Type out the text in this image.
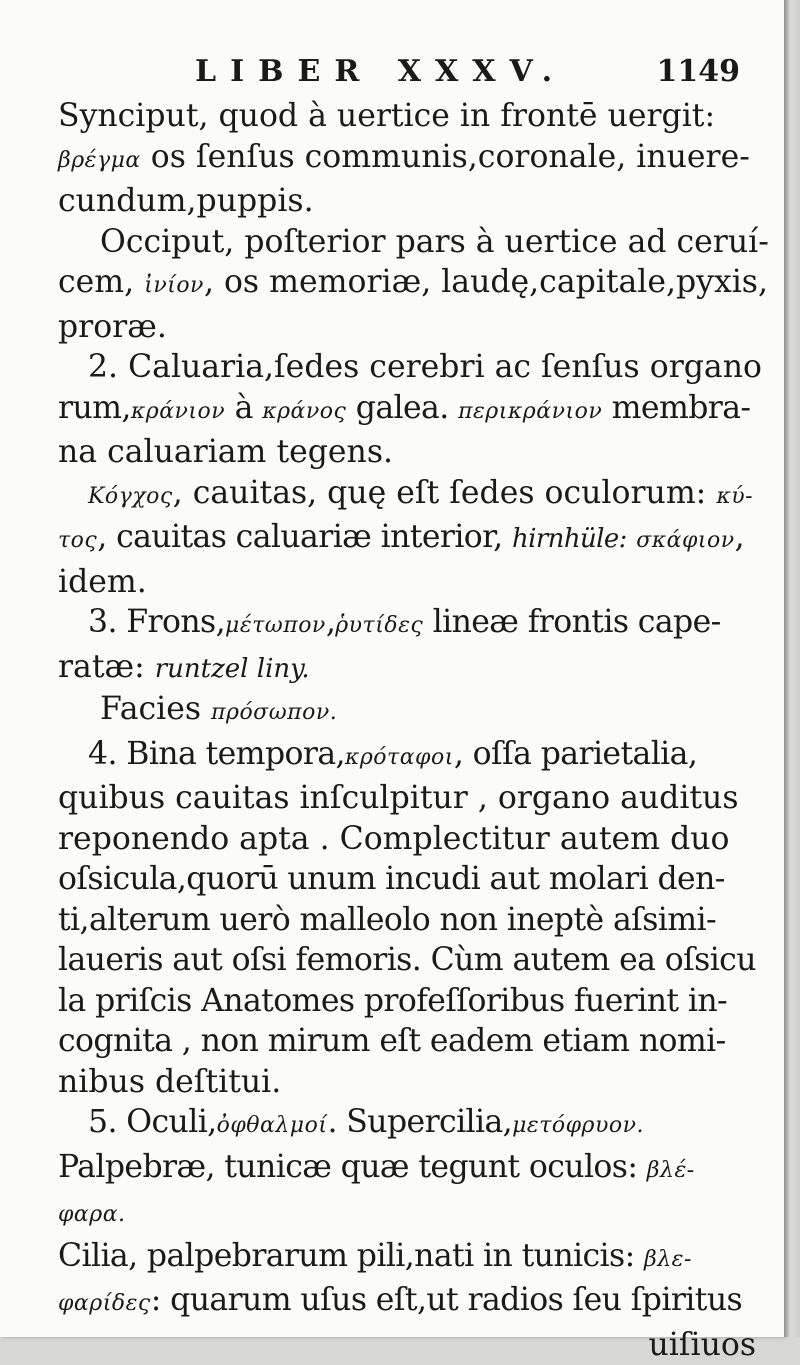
LIBER XXXV.	1149
Syncipu​t, quod à uertice in frontē uergit:
βρέγμα os ſenſus communis,coronale, inuere-
cundum,puppis.
Occiput, poſterior pars à uertice ad ceruí-
cem, ἰνίον, os memoriæ, laudę,capitale,pyxis,
proræ.
2. Caluaria,ſedes cerebri ac ſenſus organo
rum,κράνιον à κράνος galea. περικράνιον membra-
na caluariam tegens.
Κόγχος, cauitas, quę eſt ſedes oculorum: κύ-
τος, cauitas caluariæ interior, hirnhüle: σκάφιον,
idem.
3. Frons,μέτωπον,ῥυτίδες lineæ frontis cape-
ratæ: runtzel liny.
Facies πρόσωπον.
4. Bina tempora,κρόταφοι, oſſa parietalia,
quibus cauitas inſculpitur , organo auditus
reponendo apta . Complectitur autem duo
oſsicula,quorū unum incudi aut molari den-
ti,alterum uerò malleolo non ineptè aſsimi-
laueris aut oſsi femoris. Cùm autem ea oſsicu
la priſcis Anatomes profeſſoribus fuerint in-
cognita , non mirum eſt eadem etiam nomi-
nibus deſtitui.
5. Oculi,ὀφθαλμοί. Supercilia,μετόφρυον.
Palpebræ, tunicæ quæ tegunt oculos: βλέ-
φαρα.
Cilia, palpebrarum pili,nati in tunicis: βλε-
φαρίδες: quarum uſus eſt,ut radios ſeu ſpiritus
uiſiuos
